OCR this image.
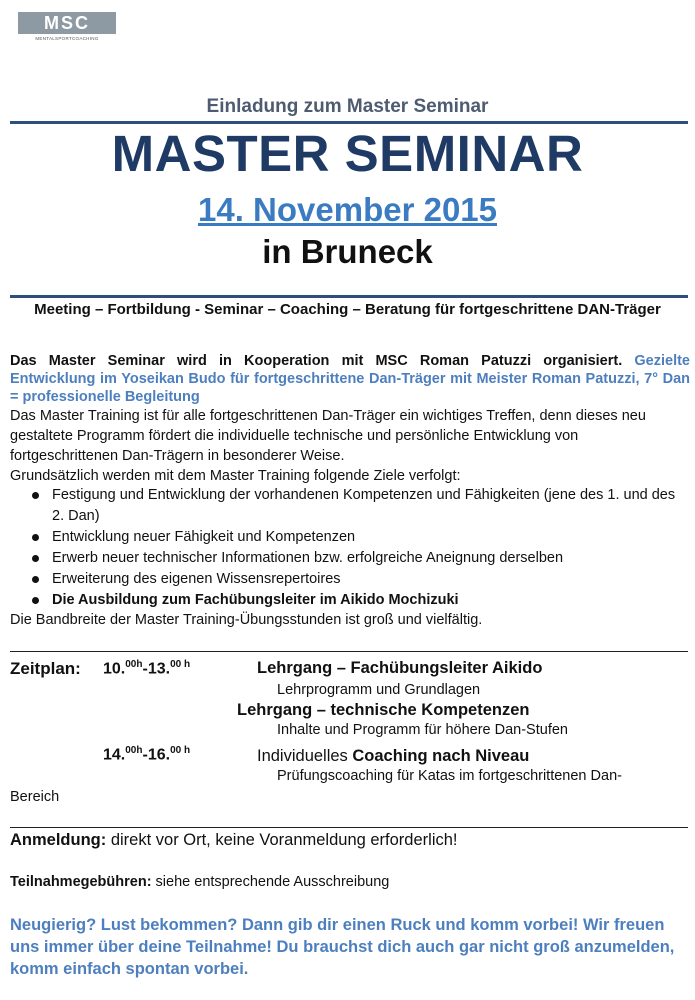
MSC
MENTALSPORTCOACHING
Einladung zum Master Seminar
MASTER SEMINAR
14. November 2015
in Bruneck
Meeting – Fortbildung - Seminar – Coaching – Beratung für fortgeschrittene DAN-Träger
Das Master Seminar wird in Kooperation mit MSC Roman Patuzzi organisiert. Gezielte Entwicklung im Yoseikan Budo für fortgeschrittene Dan-Träger mit Meister Roman Patuzzi, 7° Dan = professionelle Begleitung
Das Master Training ist für alle fortgeschrittenen Dan-Träger ein wichtiges Treffen, denn dieses neu gestaltete Programm fördert die individuelle technische und persönliche Entwicklung von fortgeschrittenen Dan-Trägern in besonderer Weise.
Grundsätzlich werden mit dem Master Training folgende Ziele verfolgt:
Festigung und Entwicklung der vorhandenen Kompetenzen und Fähigkeiten (jene des 1. und des 2. Dan)
Entwicklung neuer Fähigkeit und Kompetenzen
Erwerb neuer technischer Informationen bzw. erfolgreiche Aneignung derselben
Erweiterung des eigenen Wissensrepertoires
Die Ausbildung zum Fachübungsleiter im Aikido Mochizuki
Die Bandbreite der Master Training-Übungsstunden ist groß und vielfältig.
Zeitplan: 10.$^{00h}$-13.$^{00 h}$	Lehrgang – Fachübungsleiter Aikido
Lehrprogramm und Grundlagen
Lehrgang – technische Kompetenzen
Inhalte und Programm für höhere Dan-Stufen
14.$^{00h}$-16.$^{00 h}$	Individuelles Coaching nach Niveau
Prüfungscoaching für Katas im fortgeschrittenen Dan-
Bereich
Anmeldung: direkt vor Ort, keine Voranmeldung erforderlich!
Teilnahmegebühren: siehe entsprechende Ausschreibung
Neugierig? Lust bekommen? Dann gib dir einen Ruck und komm vorbei! Wir freuen uns immer über deine Teilnahme! Du brauchst dich auch gar nicht groß anzumelden, komm einfach spontan vorbei.
